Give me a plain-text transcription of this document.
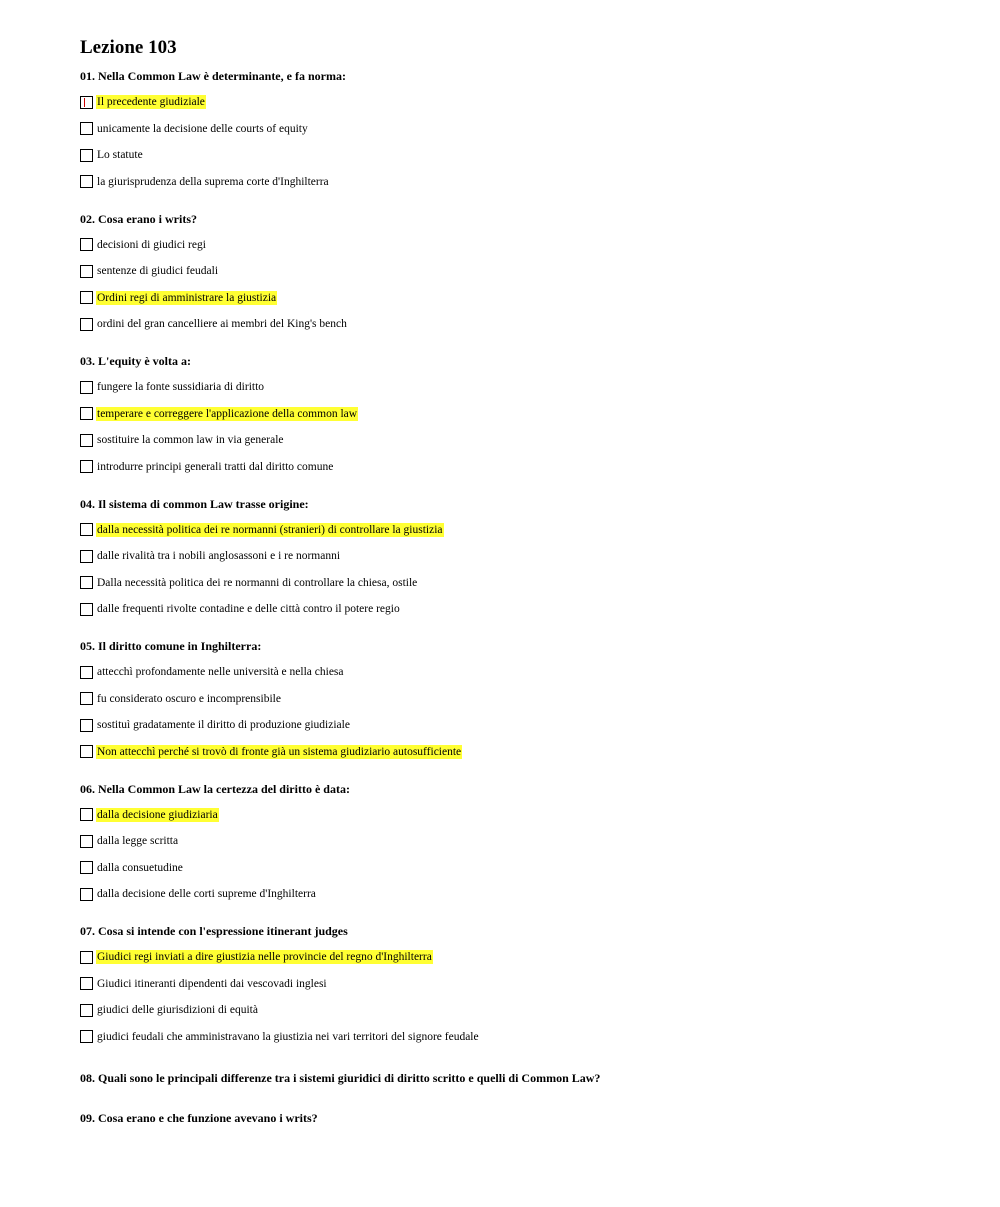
Lezione 103
01. Nella Common Law è determinante, e fa norma:
Il precedente giudiziale
unicamente la decisione delle courts of equity
Lo statute
la giurisprudenza della suprema corte d'Inghilterra
02. Cosa erano i writs?
decisioni di giudici regi
sentenze di giudici feudali
Ordini regi di amministrare la giustizia
ordini del gran cancelliere ai membri del King's bench
03. L'equity è volta a:
fungere la fonte sussidiaria di diritto
temperare e correggere l'applicazione della common law
sostituire la common law in via generale
introdurre principi generali tratti dal diritto comune
04. Il sistema di common Law trasse origine:
dalla necessità politica dei re normanni (stranieri) di controllare la giustizia
dalle rivalità tra i nobili anglosassoni e i re normanni
Dalla necessità politica dei re normanni di controllare la chiesa, ostile
dalle frequenti rivolte contadine e delle città contro il potere regio
05. Il diritto comune in Inghilterra:
attecchì profondamente nelle università e nella chiesa
fu considerato oscuro e incomprensibile
sostituì gradatamente il diritto di produzione giudiziale
Non attecchì perché si trovò di fronte già un sistema giudiziario autosufficiente
06. Nella Common Law la certezza del diritto è data:
dalla decisione giudiziaria
dalla legge scritta
dalla consuetudine
dalla decisione delle corti supreme d'Inghilterra
07. Cosa si intende con l'espressione itinerant judges
Giudici regi inviati a dire giustizia nelle provincie del regno d'Inghilterra
Giudici itineranti dipendenti dai vescovadi inglesi
giudici delle giurisdizioni di equità
giudici feudali che amministravano la giustizia nei vari territori del signore feudale
08. Quali sono le principali differenze tra i sistemi giuridici di diritto scritto e quelli di Common Law?
09. Cosa erano e che funzione avevano i writs?
